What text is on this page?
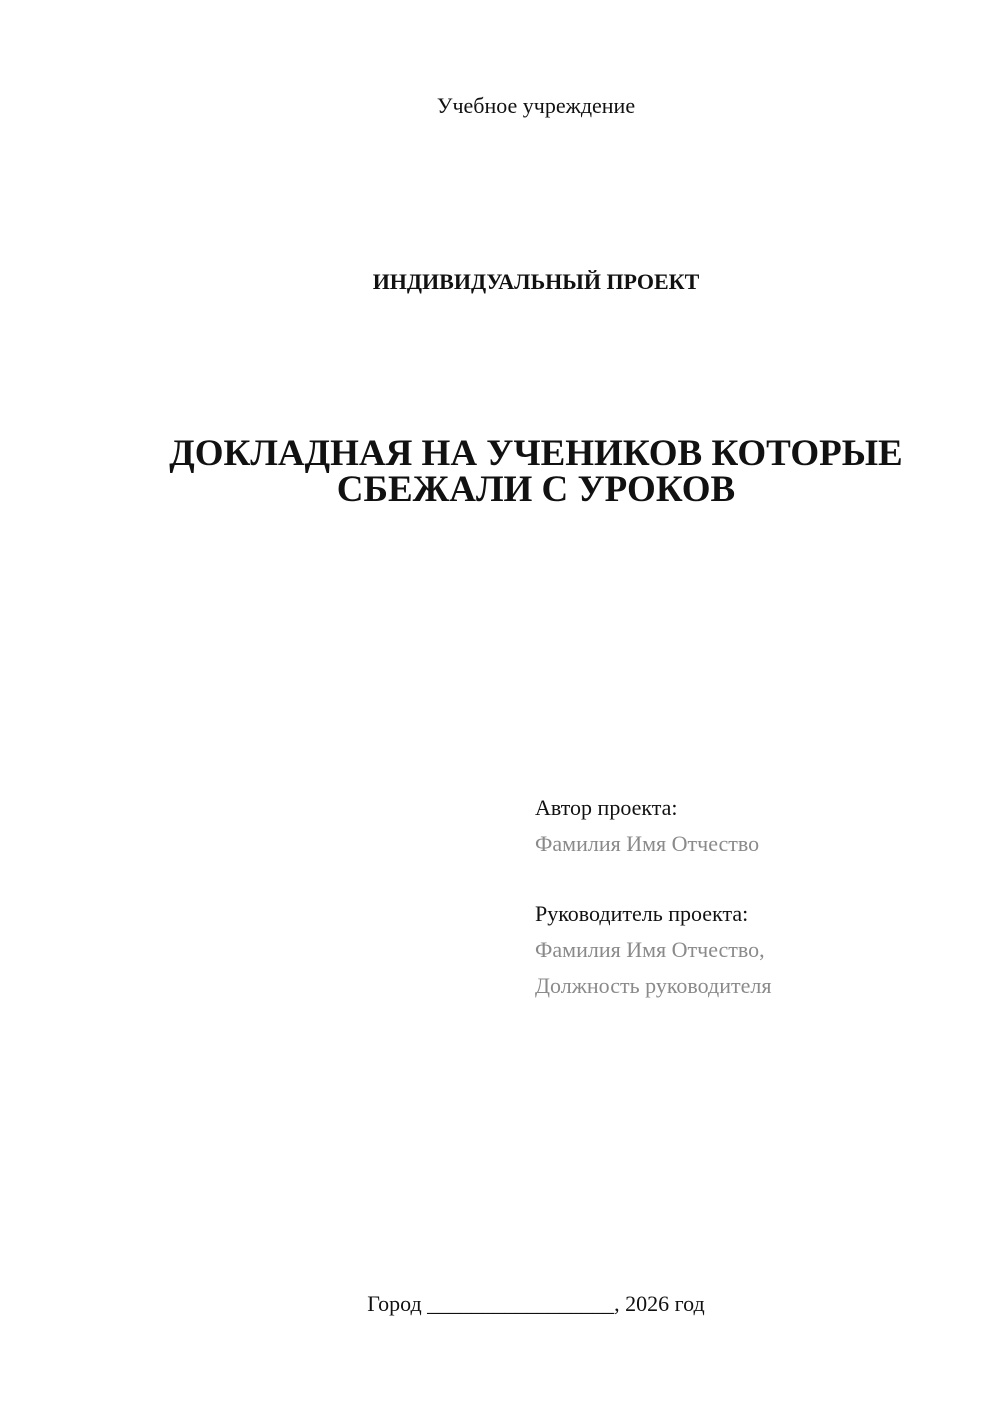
Учебное учреждение
ИНДИВИДУАЛЬНЫЙ ПРОЕКТ
ДОКЛАДНАЯ НА УЧЕНИКОВ КОТОРЫЕ
СБЕЖАЛИ С УРОКОВ
Автор проекта:
Фамилия Имя Отчество
Руководитель проекта:
Фамилия Имя Отчество,
Должность руководителя
Город _________________, 2026 год
